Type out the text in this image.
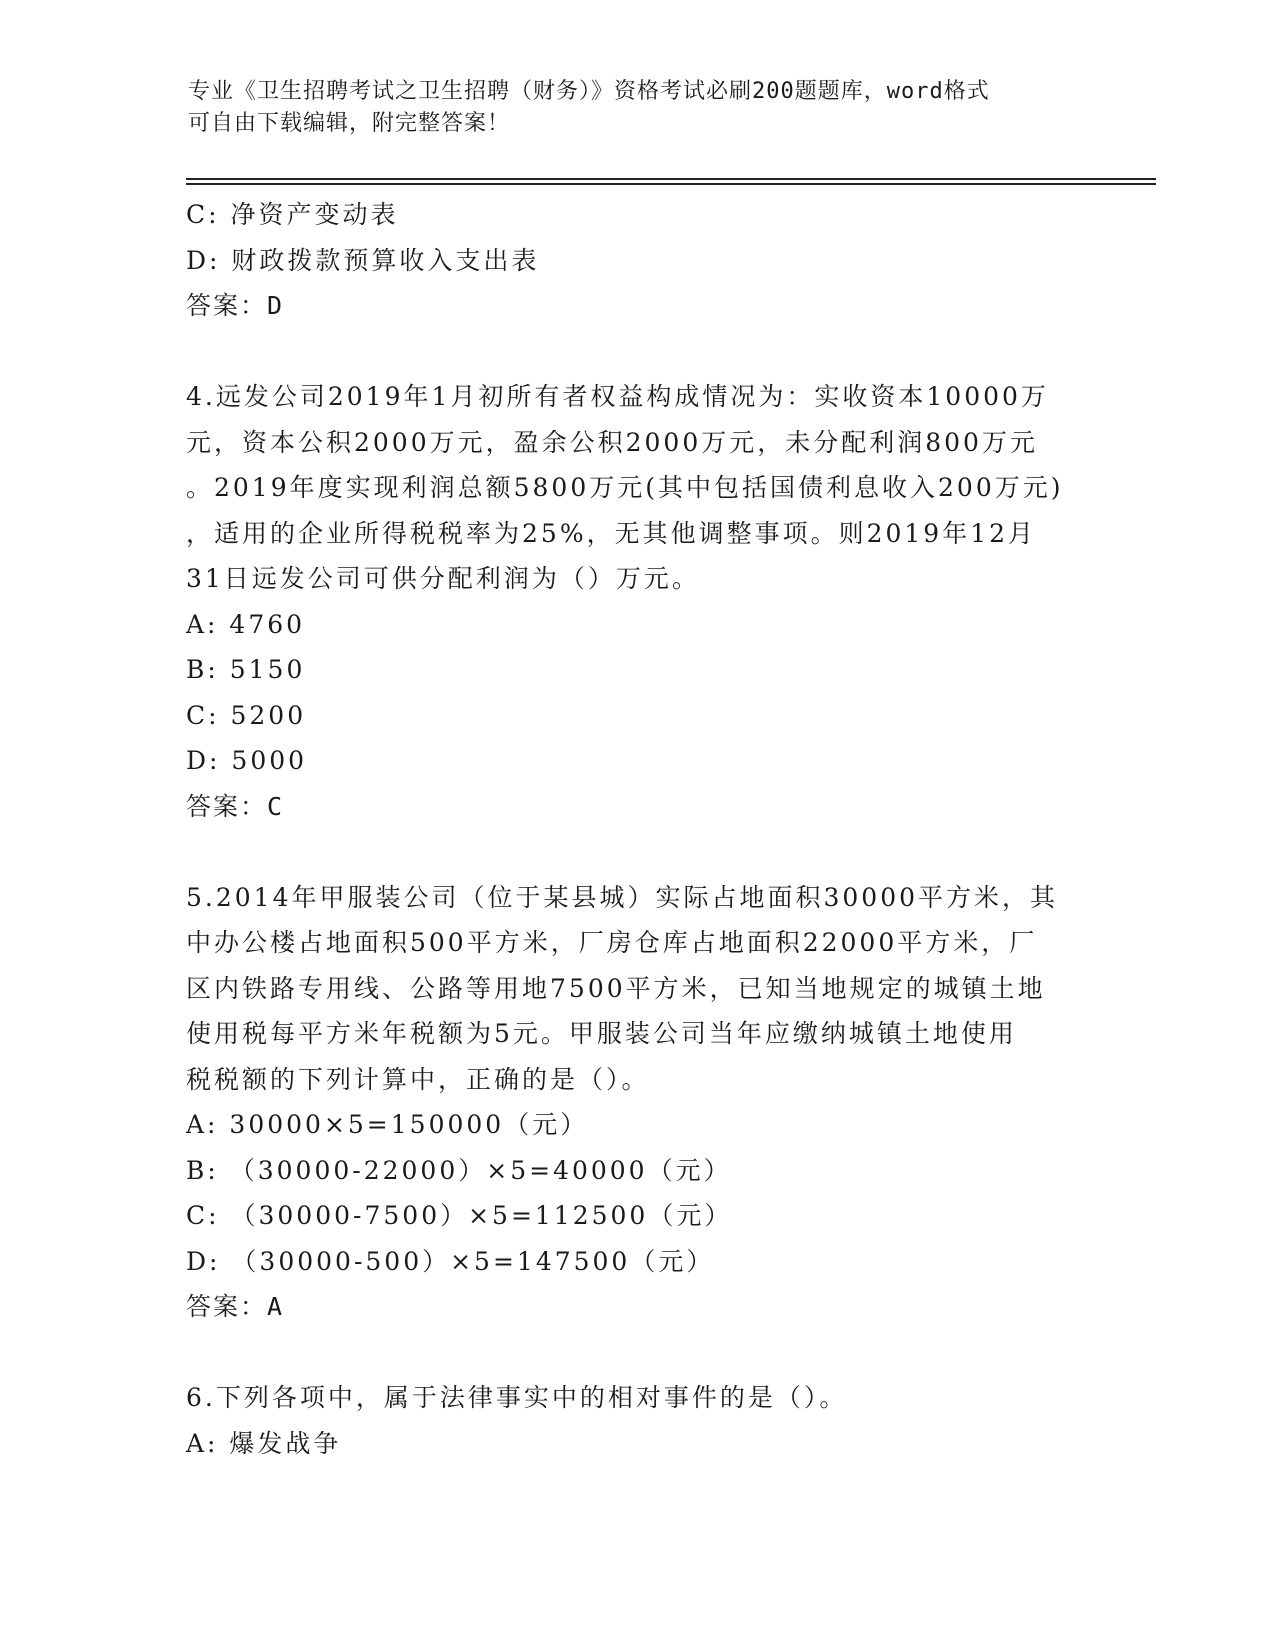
专业《卫生招聘考试之卫生招聘（财务）》资格考试必刷200题题库，word格式
可自由下载编辑，附完整答案！
C: 净资产变动表
D: 财政拨款预算收入支出表
答案：D
4.远发公司2019年1月初所有者权益构成情况为：实收资本10000万
元，资本公积2000万元，盈余公积2000万元，未分配利润800万元
。2019年度实现利润总额5800万元(其中包括国债利息收入200万元)
，适用的企业所得税税率为25%，无其他调整事项。则2019年12月
31日远发公司可供分配利润为（）万元。
A: 4760
B: 5150
C: 5200
D: 5000
答案：C
5.2014年甲服装公司（位于某县城）实际占地面积30000平方米，其
中办公楼占地面积500平方米，厂房仓库占地面积22000平方米，厂
区内铁路专用线、公路等用地7500平方米，已知当地规定的城镇土地
使用税每平方米年税额为5元。甲服装公司当年应缴纳城镇土地使用
税税额的下列计算中，正确的是（）。
A: 30000×5=150000（元）
B: （30000-22000）×5=40000（元）
C: （30000-7500）×5=112500（元）
D: （30000-500）×5=147500（元）
答案：A
6.下列各项中，属于法律事实中的相对事件的是（）。
A: 爆发战争
